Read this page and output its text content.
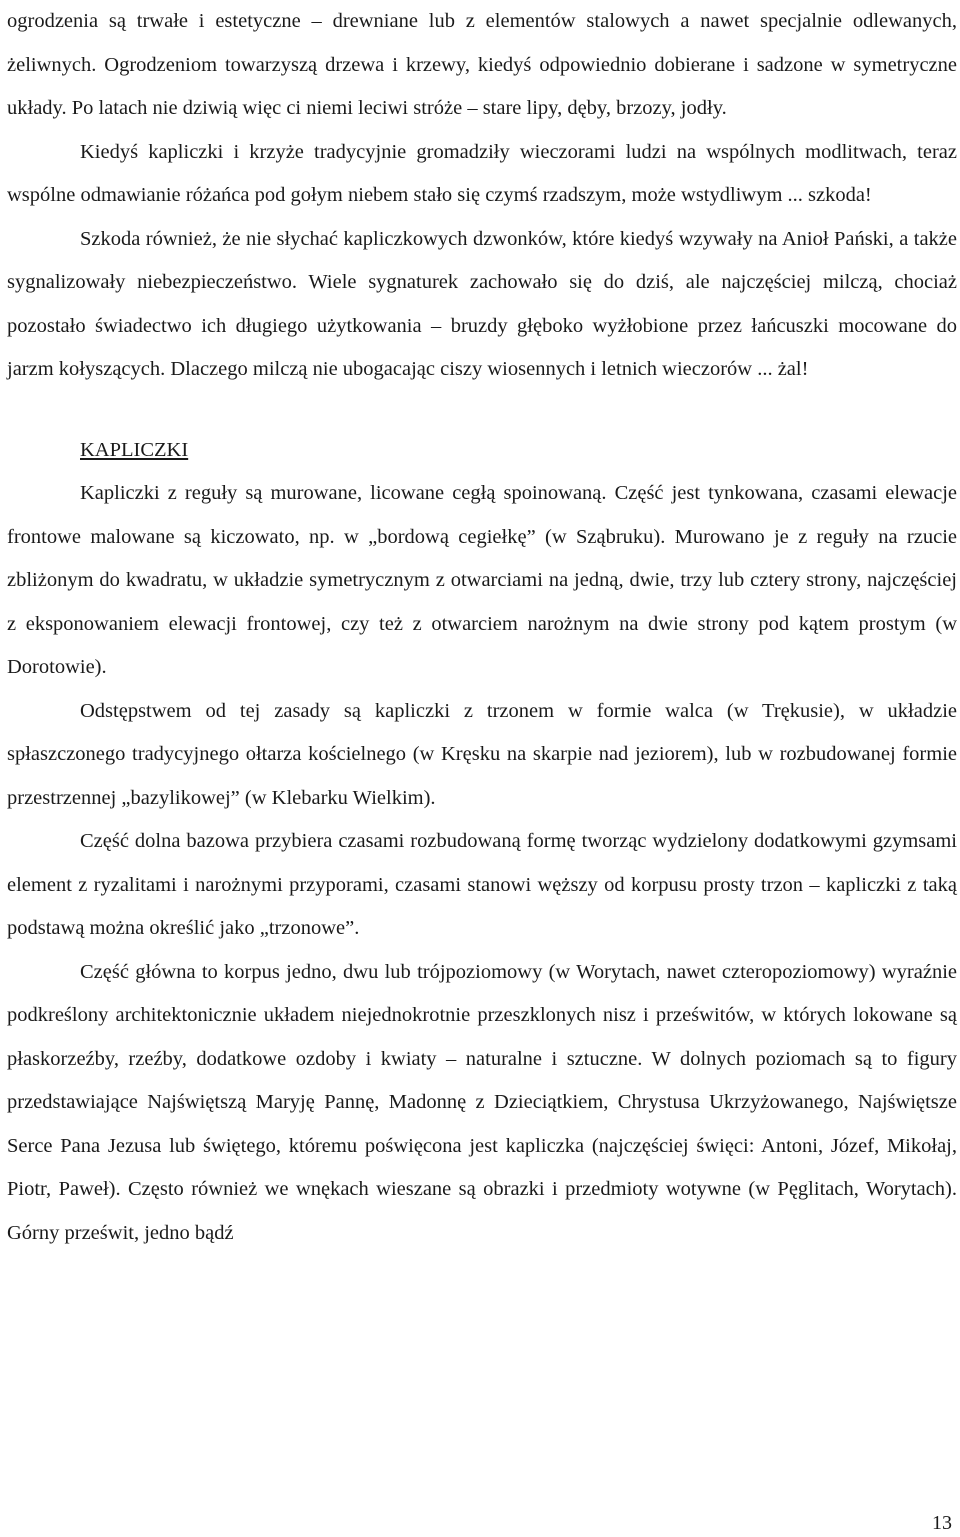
ogrodzenia są trwałe i estetyczne – drewniane lub z elementów stalowych a nawet specjalnie odlewanych, żeliwnych. Ogrodzeniom towarzyszą drzewa i krzewy, kiedyś odpowiednio dobierane i sadzone w symetryczne układy. Po latach nie dziwią więc ci niemi leciwi stróże – stare lipy, dęby, brzozy, jodły.

Kiedyś kapliczki i krzyże tradycyjnie gromadziły wieczorami ludzi na wspólnych modlitwach, teraz wspólne odmawianie różańca pod gołym niebem stało się czymś rzadszym, może wstydliwym ... szkoda!

Szkoda również, że nie słychać kapliczkowych dzwonków, które kiedyś wzywały na Anioł Pański, a także sygnalizowały niebezpieczeństwo. Wiele sygnaturek zachowało się do dziś, ale najczęściej milczą, chociaż pozostało świadectwo ich długiego użytkowania – bruzdy głęboko wyżłobione przez łańcuszki mocowane do jarzm kołyszących. Dlaczego milczą nie ubogacając ciszy wiosennych i letnich wieczorów ... żal!

KAPLICZKI

Kapliczki z reguły są murowane, licowane cegłą spoinowaną. Część jest tynkowana, czasami elewacje frontowe malowane są kiczowato, np. w „bordową cegiełkę” (w Sząbruku). Murowano je z reguły na rzucie zbliżonym do kwadratu, w układzie symetrycznym z otwarciami na jedną, dwie, trzy lub cztery strony, najczęściej z eksponowaniem elewacji frontowej, czy też z otwarciem narożnym na dwie strony pod kątem prostym (w Dorotowie).

Odstępstwem od tej zasady są kapliczki z trzonem w formie walca (w Trękusie), w układzie spłaszczonego tradycyjnego ołtarza kościelnego (w Kręsku na skarpie nad jeziorem), lub w rozbudowanej formie przestrzennej „bazylikowej” (w Klebarku Wielkim).

Część dolna bazowa przybiera czasami rozbudowaną formę tworząc wydzielony dodatkowymi gzymsami element z ryzalitami i narożnymi przyporami, czasami stanowi węższy od korpusu prosty trzon – kapliczki z taką podstawą można określić jako „trzonowe”.

Część główna to korpus jedno, dwu lub trójpoziomowy (w Worytach, nawet czteropoziomowy) wyraźnie podkreślony architektonicznie układem niejednokrotnie przeszklonych nisz i prześwitów, w których lokowane są płaskorzeźby, rzeźby, dodatkowe ozdoby i kwiaty – naturalne i sztuczne. W dolnych poziomach są to figury przedstawiające Najświętszą Maryję Pannę, Madonnę z Dzieciątkiem, Chrystusa Ukrzyżowanego, Najświętsze Serce Pana Jezusa lub świętego, któremu poświęcona jest kapliczka (najczęściej święci: Antoni, Józef, Mikołaj, Piotr, Paweł). Często również we wnękach wieszane są obrazki i przedmioty wotywne (w Pęglitach, Worytach). Górny prześwit, jedno bądź

13
